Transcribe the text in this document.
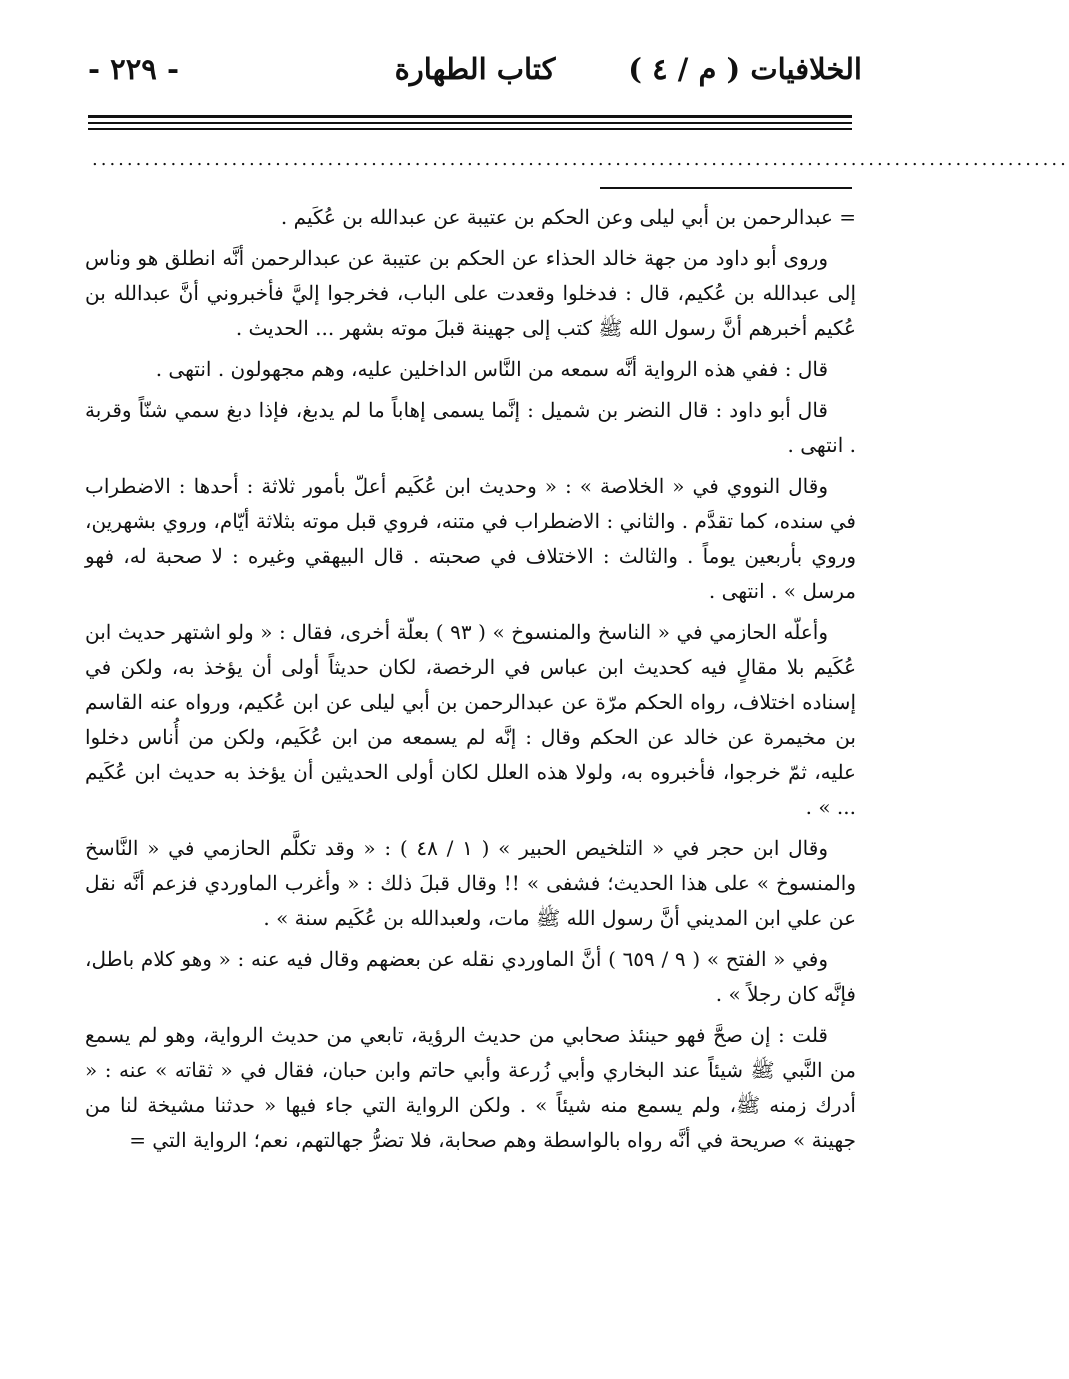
الخلافيات ( م / ٤ )
كتاب الطهارة
- ٢٢٩ -
................................................................................................................

= عبدالرحمن بن أبي ليلى وعن الحكم بن عتيبة عن عبدالله بن عُكَيم .

وروى أبو داود من جهة خالد الحذاء عن الحكم بن عتيبة عن عبدالرحمن أنَّه انطلق هو وناس إلى عبدالله بن عُكيم، قال : فدخلوا وقعدت على الباب، فخرجوا إليَّ فأخبروني أنَّ عبدالله بن عُكيم أخبرهم أنَّ رسول الله ﷺ كتب إلى جهينة قبلَ موته بشهر ... الحديث .

قال : ففي هذه الرواية أنَّه سمعه من النَّاس الداخلين عليه، وهم مجهولون . انتهى .

قال أبو داود : قال النضر بن شميل : إنَّما يسمى إهاباً ما لم يدبغ، فإذا دبغ سمي شنّاً وقربة . انتهى .

وقال النووي في « الخلاصة » : « وحديث ابن عُكَيم أعلّ بأمور ثلاثة : أحدها : الاضطراب في سنده، كما تقدَّم . والثاني : الاضطراب في متنه، فروي قبل موته بثلاثة أيّام، وروي بشهرين، وروي بأربعين يوماً . والثالث : الاختلاف في صحبته . قال البيهقي وغيره : لا صحبة له، فهو مرسل » . انتهى .

وأعلّه الحازمي في « الناسخ والمنسوخ » ( ٩٣ ) بعلّة أخرى، فقال : « ولو اشتهر حديث ابن عُكَيم بلا مقالٍ فيه كحديث ابن عباس في الرخصة، لكان حديثاً أولى أن يؤخذ به، ولكن في إسناده اختلاف، رواه الحكم مرّة عن عبدالرحمن بن أبي ليلى عن ابن عُكيم، ورواه عنه القاسم بن مخيمرة عن خالد عن الحكم وقال : إنَّه لم يسمعه من ابن عُكَيم، ولكن من أُناس دخلوا عليه، ثمّ خرجوا، فأخبروه به، ولولا هذه العلل لكان أولى الحديثين أن يؤخذ به حديث ابن عُكَيم ... » .

وقال ابن حجر في « التلخيص الحبير » ( ١ / ٤٨ ) : « وقد تكلَّم الحازمي في « النَّاسخ والمنسوخ » على هذا الحديث؛ فشفى » !! وقال قبلَ ذلك : « وأغرب الماوردي فزعم أنَّه نقل عن علي ابن المديني أنَّ رسول الله ﷺ مات، ولعبدالله بن عُكَيم سنة » .

وفي « الفتح » ( ٩ / ٦٥٩ ) أنَّ الماوردي نقله عن بعضهم وقال فيه عنه : « وهو كلام باطل، فإنَّه كان رجلاً » .

قلت : إن صحَّ فهو حينئذ صحابي من حديث الرؤية، تابعي من حديث الرواية، وهو لم يسمع من النَّبي ﷺ شيئاً عند البخاري وأبي زُرعة وأبي حاتم وابن حبان، فقال في « ثقاته » عنه : « أدرك زمنه ﷺ، ولم يسمع منه شيئاً » . ولكن الرواية التي جاء فيها « حدثنا مشيخة لنا من جهينة » صريحة في أنَّه رواه بالواسطة وهم صحابة، فلا تضرُّ جهالتهم، نعم؛ الرواية التي =
